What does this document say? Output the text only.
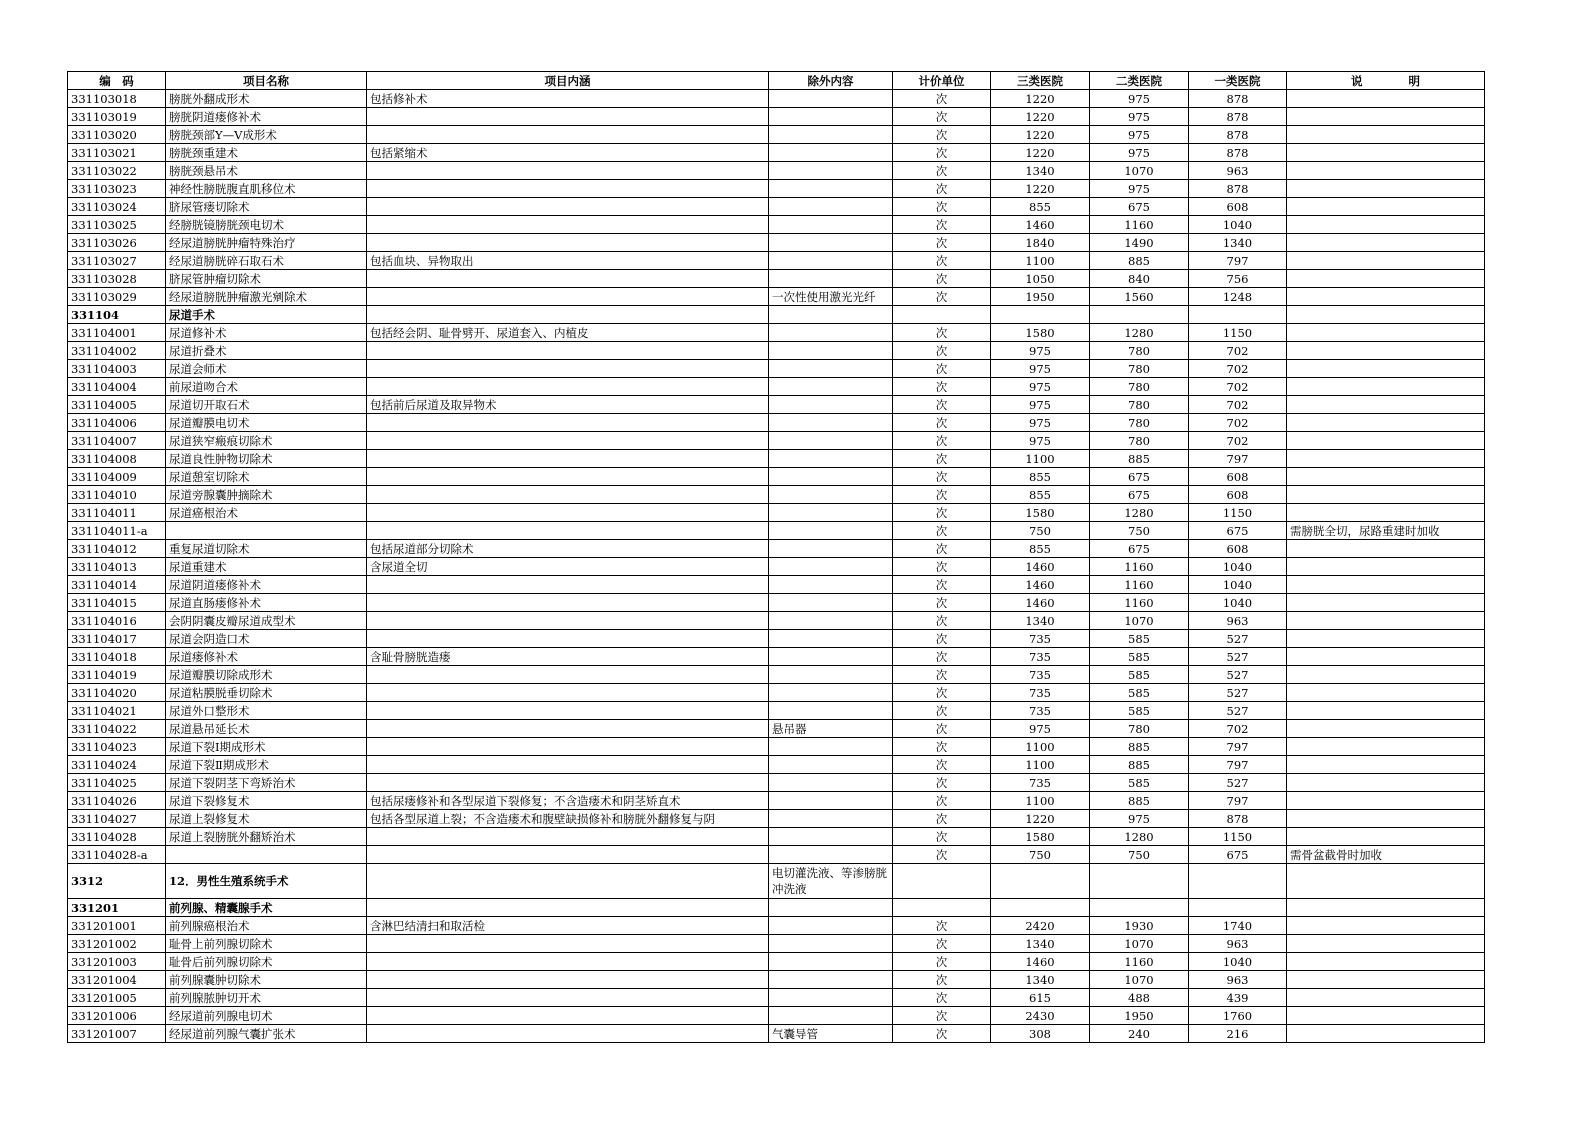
编　码	项目名称	项目内涵	除外内容	计价单位	三类医院	二类医院	一类医院	说　　　　明
331103018	膀胱外翻成形术	包括修补术		次	1220	975	878	
331103019	膀胱阴道瘘修补术			次	1220	975	878	
331103020	膀胱颈部Y—V成形术			次	1220	975	878	
331103021	膀胱颈重建术	包括紧缩术		次	1220	975	878	
331103022	膀胱颈悬吊术			次	1340	1070	963	
331103023	神经性膀胱腹直肌移位术			次	1220	975	878	
331103024	脐尿管瘘切除术			次	855	675	608	
331103025	经膀胱镜膀胱颈电切术			次	1460	1160	1040	
331103026	经尿道膀胱肿瘤特殊治疗			次	1840	1490	1340	
331103027	经尿道膀胱碎石取石术	包括血块、异物取出		次	1100	885	797	
331103028	脐尿管肿瘤切除术			次	1050	840	756	
331103029	经尿道膀胱肿瘤激光剜除术		一次性使用激光光纤	次	1950	1560	1248	
331104	尿道手术							
331104001	尿道修补术	包括经会阴、耻骨劈开、尿道套入、内植皮		次	1580	1280	1150	
331104002	尿道折叠术			次	975	780	702	
331104003	尿道会师术			次	975	780	702	
331104004	前尿道吻合术			次	975	780	702	
331104005	尿道切开取石术	包括前后尿道及取异物术		次	975	780	702	
331104006	尿道瓣膜电切术			次	975	780	702	
331104007	尿道狭窄瘢痕切除术			次	975	780	702	
331104008	尿道良性肿物切除术			次	1100	885	797	
331104009	尿道憩室切除术			次	855	675	608	
331104010	尿道旁腺囊肿摘除术			次	855	675	608	
331104011	尿道癌根治术			次	1580	1280	1150	
331104011-a				次	750	750	675	需膀胱全切，尿路重建时加收
331104012	重复尿道切除术	包括尿道部分切除术		次	855	675	608	
331104013	尿道重建术	含尿道全切		次	1460	1160	1040	
331104014	尿道阴道瘘修补术			次	1460	1160	1040	
331104015	尿道直肠瘘修补术			次	1460	1160	1040	
331104016	会阴阴囊皮瓣尿道成型术			次	1340	1070	963	
331104017	尿道会阴造口术			次	735	585	527	
331104018	尿道瘘修补术	含耻骨膀胱造瘘		次	735	585	527	
331104019	尿道瓣膜切除成形术			次	735	585	527	
331104020	尿道粘膜脱垂切除术			次	735	585	527	
331104021	尿道外口整形术			次	735	585	527	
331104022	尿道悬吊延长术		悬吊器	次	975	780	702	
331104023	尿道下裂Ⅰ期成形术			次	1100	885	797	
331104024	尿道下裂Ⅱ期成形术			次	1100	885	797	
331104025	尿道下裂阴茎下弯矫治术			次	735	585	527	
331104026	尿道下裂修复术	包括尿瘘修补和各型尿道下裂修复；不含造瘘术和阴茎矫直术		次	1100	885	797	
331104027	尿道上裂修复术	包括各型尿道上裂；不含造瘘术和腹壁缺损修补和膀胱外翻修复与阴		次	1220	975	878	
331104028	尿道上裂膀胱外翻矫治术			次	1580	1280	1150	
331104028-a				次	750	750	675	需骨盆截骨时加收
3312	12．男性生殖系统手术		电切灌洗液、等渗膀胱冲洗液					
331201	前列腺、精囊腺手术							
331201001	前列腺癌根治术	含淋巴结清扫和取活检		次	2420	1930	1740	
331201002	耻骨上前列腺切除术			次	1340	1070	963	
331201003	耻骨后前列腺切除术			次	1460	1160	1040	
331201004	前列腺囊肿切除术			次	1340	1070	963	
331201005	前列腺脓肿切开术			次	615	488	439	
331201006	经尿道前列腺电切术			次	2430	1950	1760	
331201007	经尿道前列腺气囊扩张术		气囊导管	次	308	240	216	
